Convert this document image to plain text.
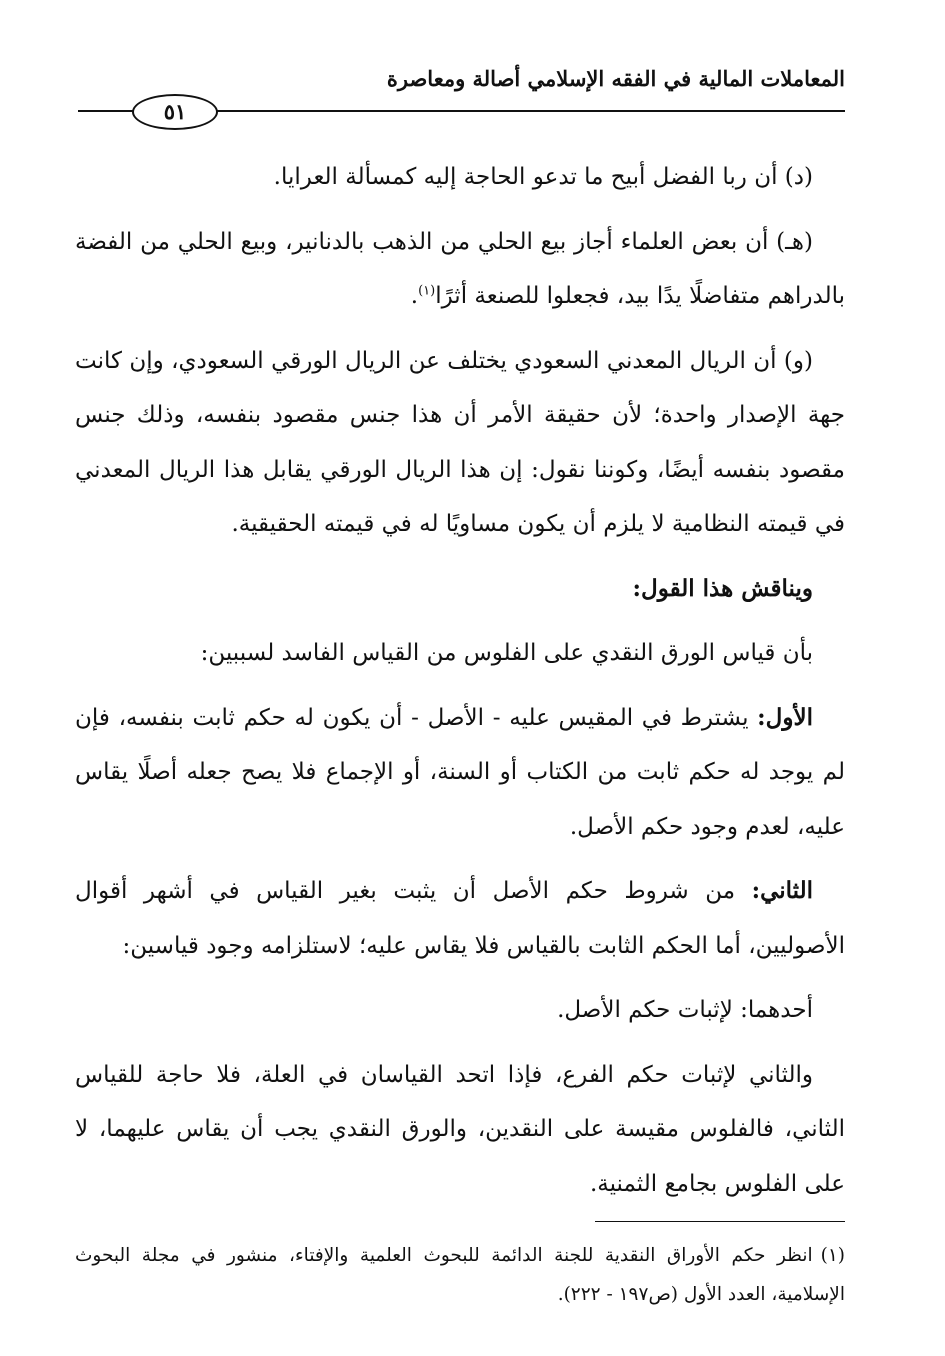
المعاملات المالية في الفقه الإسلامي أصالة ومعاصرة
٥١

(د) أن ربا الفضل أبيح ما تدعو الحاجة إليه كمسألة العرايا.

(هـ) أن بعض العلماء أجاز بيع الحلي من الذهب بالدنانير، وبيع الحلي من الفضة بالدراهم متفاضلًا يدًا بيد، فجعلوا للصنعة أثرًا$^{(١)}$.

(و) أن الريال المعدني السعودي يختلف عن الريال الورقي السعودي، وإن كانت جهة الإصدار واحدة؛ لأن حقيقة الأمر أن هذا جنس مقصود بنفسه، وذلك جنس مقصود بنفسه أيضًا، وكوننا نقول: إن هذا الريال الورقي يقابل هذا الريال المعدني في قيمته النظامية لا يلزم أن يكون مساويًا له في قيمته الحقيقية.

ويناقش هذا القول:

بأن قياس الورق النقدي على الفلوس من القياس الفاسد لسببين:

الأول: يشترط في المقيس عليه - الأصل - أن يكون له حكم ثابت بنفسه، فإن لم يوجد له حكم ثابت من الكتاب أو السنة، أو الإجماع فلا يصح جعله أصلًا يقاس عليه، لعدم وجود حكم الأصل.

الثاني: من شروط حكم الأصل أن يثبت بغير القياس في أشهر أقوال الأصوليين، أما الحكم الثابت بالقياس فلا يقاس عليه؛ لاستلزامه وجود قياسين:

أحدهما: لإثبات حكم الأصل.

والثاني لإثبات حكم الفرع، فإذا اتحد القياسان في العلة، فلا حاجة للقياس الثاني، فالفلوس مقيسة على النقدين، والورق النقدي يجب أن يقاس عليهما، لا على الفلوس بجامع الثمنية.

(١)انظر حكم الأوراق النقدية للجنة الدائمة للبحوث العلمية والإفتاء، منشور في مجلة البحوث الإسلامية، العدد الأول (ص١٩٧ - ٢٢٢).
